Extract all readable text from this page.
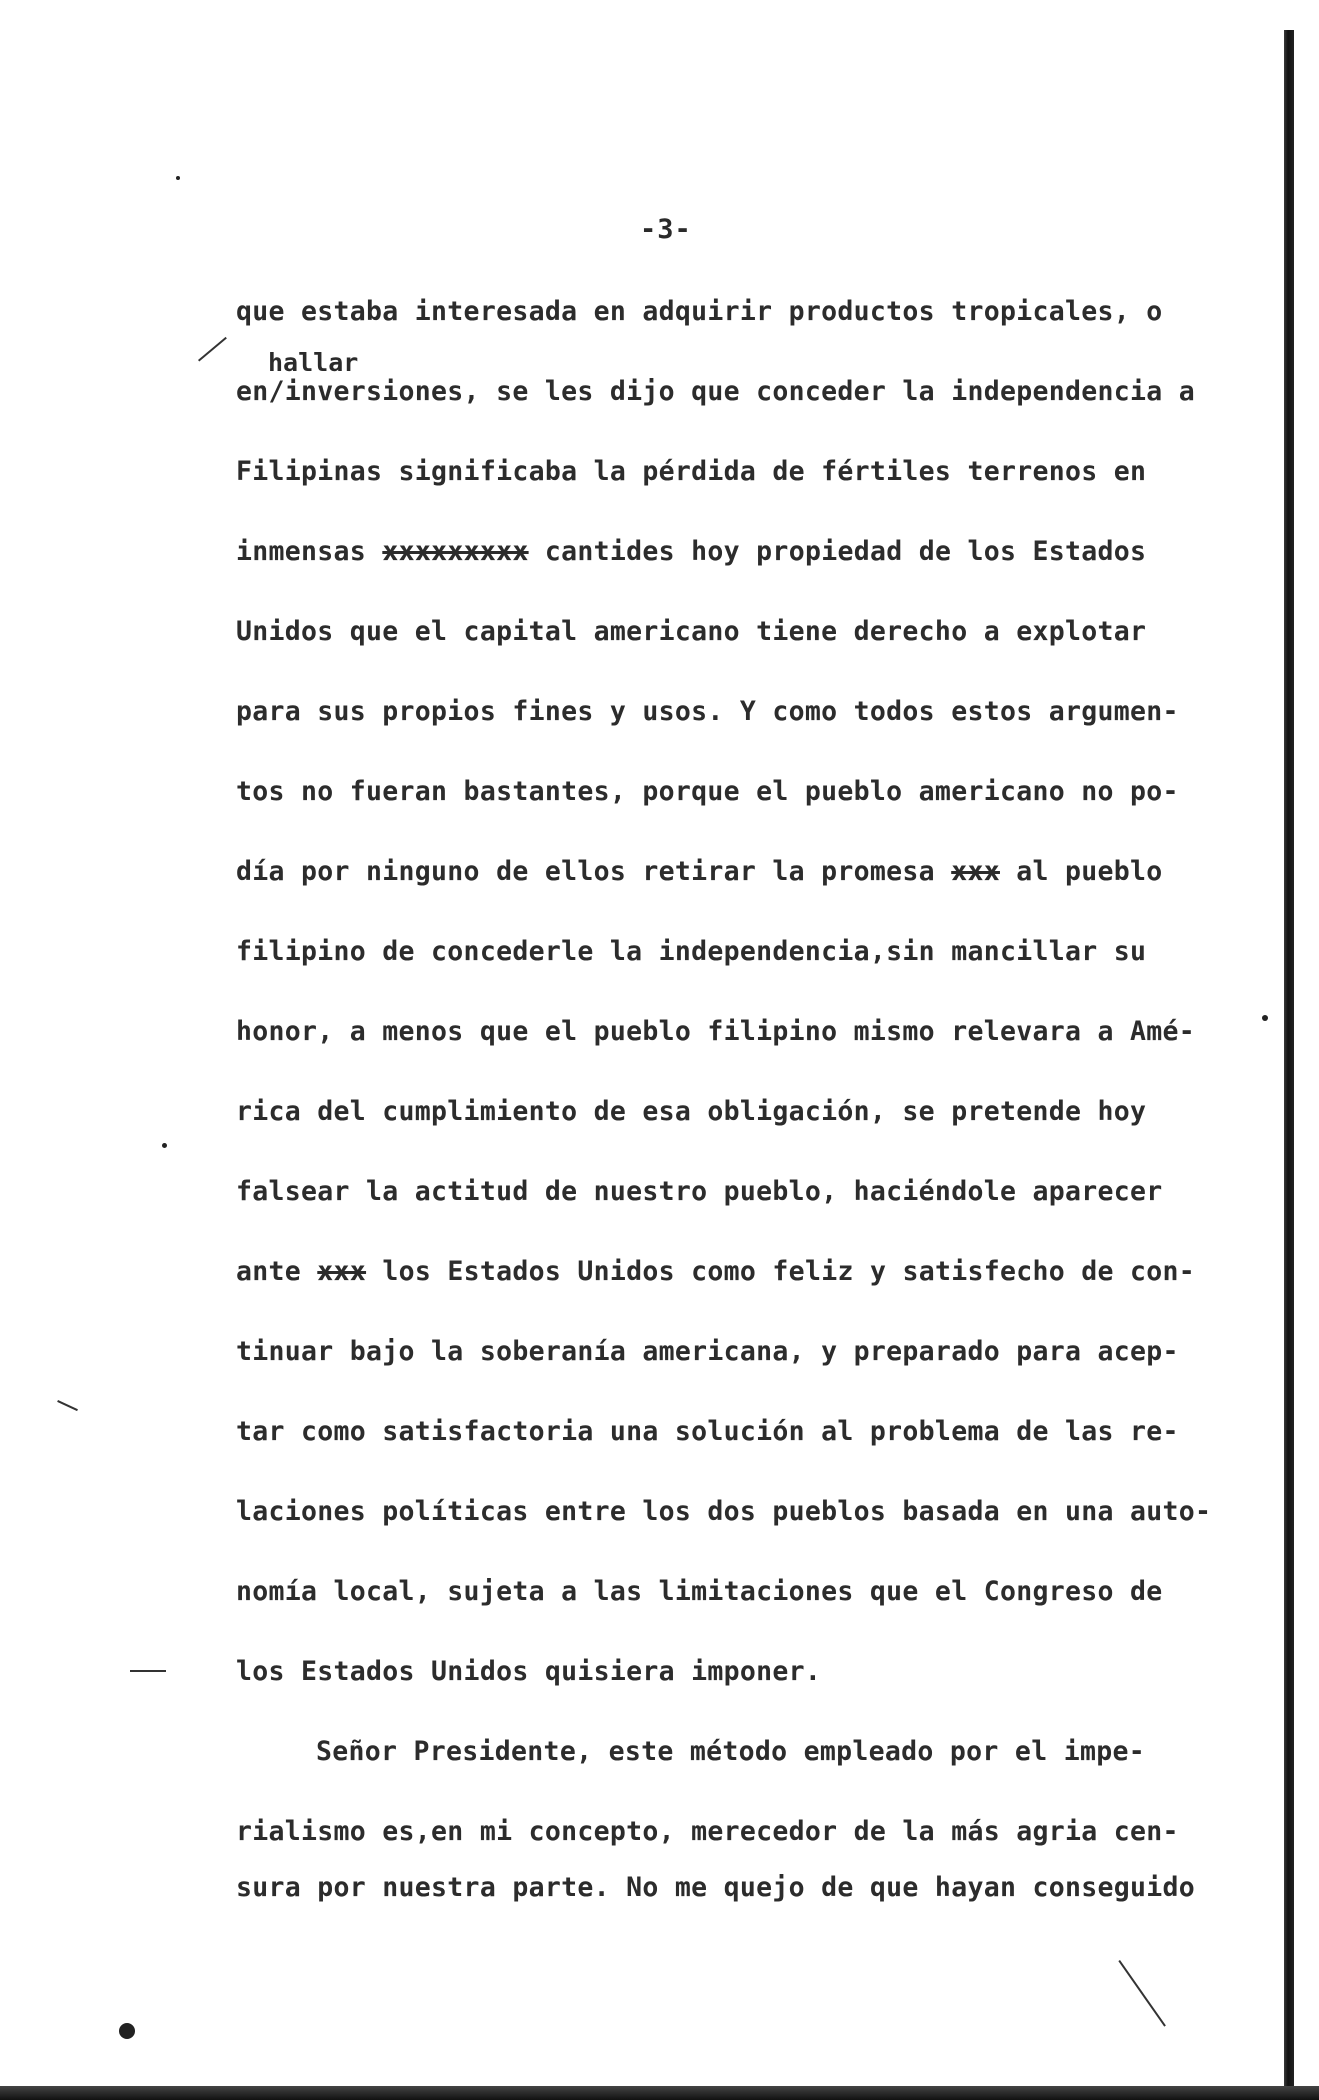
-3-
hallar
que estaba interesada en adquirir productos tropicales, o
en/inversiones, se les dijo que conceder la independencia a
Filipinas significaba la pérdida de fértiles terrenos en
inmensas xxxxxxxxx cantides hoy propiedad de los Estados
Unidos que el capital americano tiene derecho a explotar
para sus propios fines y usos. Y como todos estos argumen-
tos no fueran bastantes, porque el pueblo americano no po-
día por ninguno de ellos retirar la promesa xxx al pueblo
filipino de concederle la independencia,sin mancillar su
honor, a menos que el pueblo filipino mismo relevara a Amé-
rica del cumplimiento de esa obligación, se pretende hoy
falsear la actitud de nuestro pueblo, haciéndole aparecer
ante xxx los Estados Unidos como feliz y satisfecho de con-
tinuar bajo la soberanía americana, y preparado para acep-
tar como satisfactoria una solución al problema de las re-
laciones políticas entre los dos pueblos basada en una auto-
nomía local, sujeta a las limitaciones que el Congreso de
los Estados Unidos quisiera imponer.
Señor Presidente, este método empleado por el impe-
rialismo es,en mi concepto, merecedor de la más agria cen-
sura por nuestra parte. No me quejo de que hayan conseguido
